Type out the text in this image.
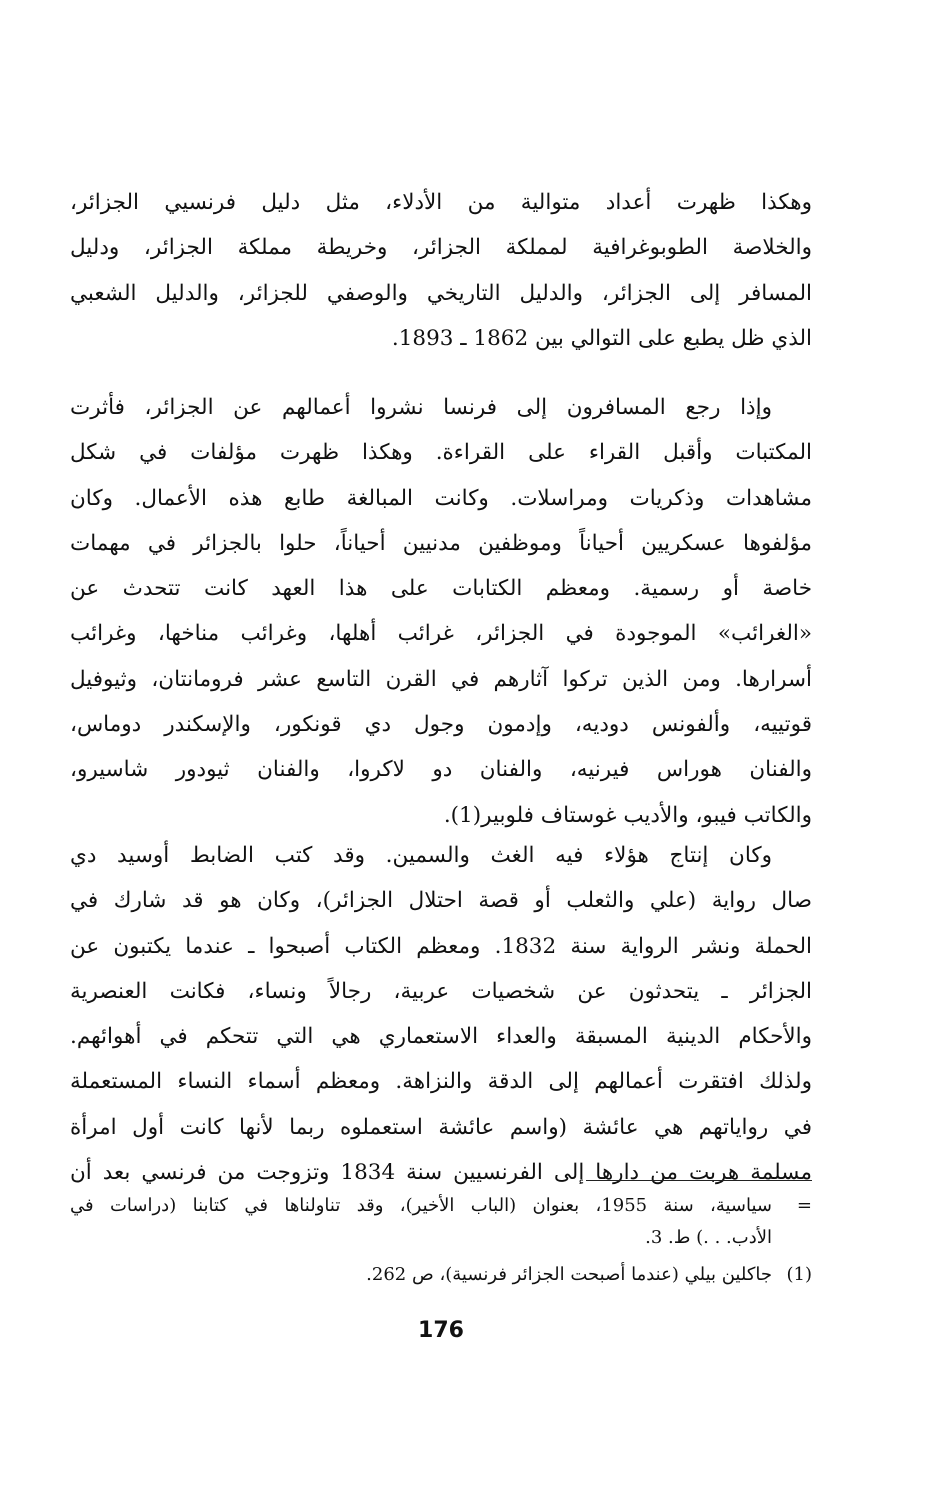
وهكذا ظهرت أعداد متوالية من الأدلاء، مثل دليل فرنسيي الجزائر،
والخلاصة الطوبوغرافية لمملكة الجزائر، وخريطة مملكة الجزائر، ودليل
المسافر إلى الجزائر، والدليل التاريخي والوصفي للجزائر، والدليل الشعبي
الذي ظل يطبع على التوالي بين 1862 ـ 1893.
وإذا رجع المسافرون إلى فرنسا نشروا أعمالهم عن الجزائر، فأثرت
المكتبات وأقبل القراء على القراءة. وهكذا ظهرت مؤلفات في شكل
مشاهدات وذكريات ومراسلات. وكانت المبالغة طابع هذه الأعمال. وكان
مؤلفوها عسكريين أحياناً وموظفين مدنيين أحياناً، حلوا بالجزائر في مهمات
خاصة أو رسمية. ومعظم الكتابات على هذا العهد كانت تتحدث عن
«الغرائب» الموجودة في الجزائر، غرائب أهلها، وغرائب مناخها، وغرائب
أسرارها. ومن الذين تركوا آثارهم في القرن التاسع عشر فرومانتان، وثيوفيل
قوتييه، وألفونس دوديه، وإدمون وجول دي قونكور، والإسكندر دوماس،
والفنان هوراس فيرنيه، والفنان دو لاكروا، والفنان ثيودور شاسيرو،
والكاتب فيبو، والأديب غوستاف فلوبير(1).
وكان إنتاج هؤلاء فيه الغث والسمين. وقد كتب الضابط أوسيد دي
صال رواية (علي والثعلب أو قصة احتلال الجزائر)، وكان هو قد شارك في
الحملة ونشر الرواية سنة 1832. ومعظم الكتاب أصبحوا ـ عندما يكتبون عن
الجزائر ـ يتحدثون عن شخصيات عربية، رجالاً ونساء، فكانت العنصرية
والأحكام الدينية المسبقة والعداء الاستعماري هي التي تتحكم في أهوائهم.
ولذلك افتقرت أعمالهم إلى الدقة والنزاهة. ومعظم أسماء النساء المستعملة
في رواياتهم هي عائشة (واسم عائشة استعملوه ربما لأنها كانت أول امرأة
مسلمة هربت من دارها إلى الفرنسيين سنة 1834 وتزوجت من فرنسي بعد أن
=
سياسية، سنة 1955، بعنوان (الباب الأخير)، وقد تناولناها في كتابنا (دراسات في
الأدب. . .) ط. 3.
(1)
جاكلين بيلي (عندما أصبحت الجزائر فرنسية)، ص 262.
176
